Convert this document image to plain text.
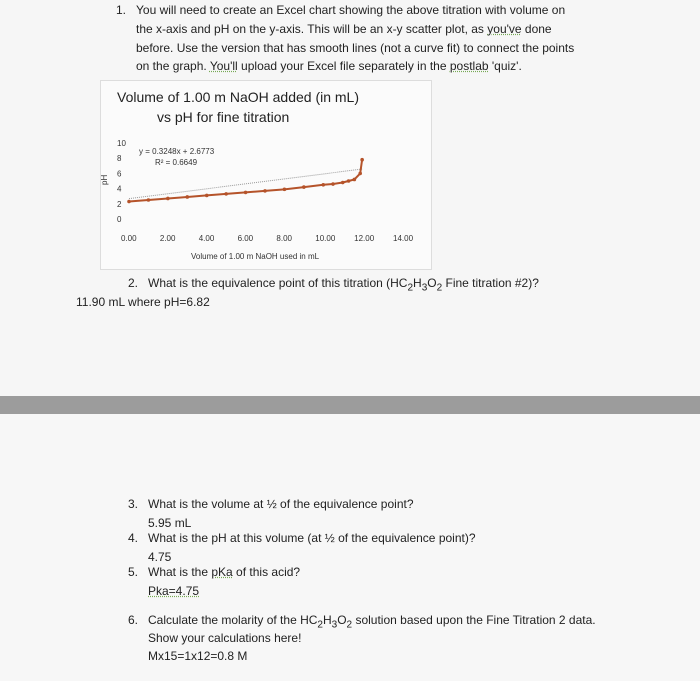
1. You will need to create an Excel chart showing the above titration with volume on
the x-axis and pH on the y-axis. This will be an x-y scatter plot, as you've done
before. Use the version that has smooth lines (not a curve fit) to connect the points
on the graph. You'll upload your Excel file separately in the postlab 'quiz'.
Volume of 1.00 m NaOH added (in mL)
vs pH for fine titration
pH
Volume of 1.00 m NaOH used in mL
y = 0.3248x + 2.6773
R² = 0.6649
10
8
6
4
2
0
0.00	2.00	4.00	6.00	8.00	10.00 12.00 14.00
2. What is the equivalence point of this titration ($HC_2H_3O_2$ Fine titration #2)?
11.90 mL where pH=6.82
3. What is the volume at ½ of the equivalence point?
5.95 mL
4. What is the pH at this volume (at ½ of the equivalence point)?
4.75
5. What is the pKa of this acid?
Pka=4.75
6. Calculate the molarity of the $HC_2H_3O_2$ solution based upon the Fine Titration 2 data.
Show your calculations here!
Mx15=1x12=0.8 M
